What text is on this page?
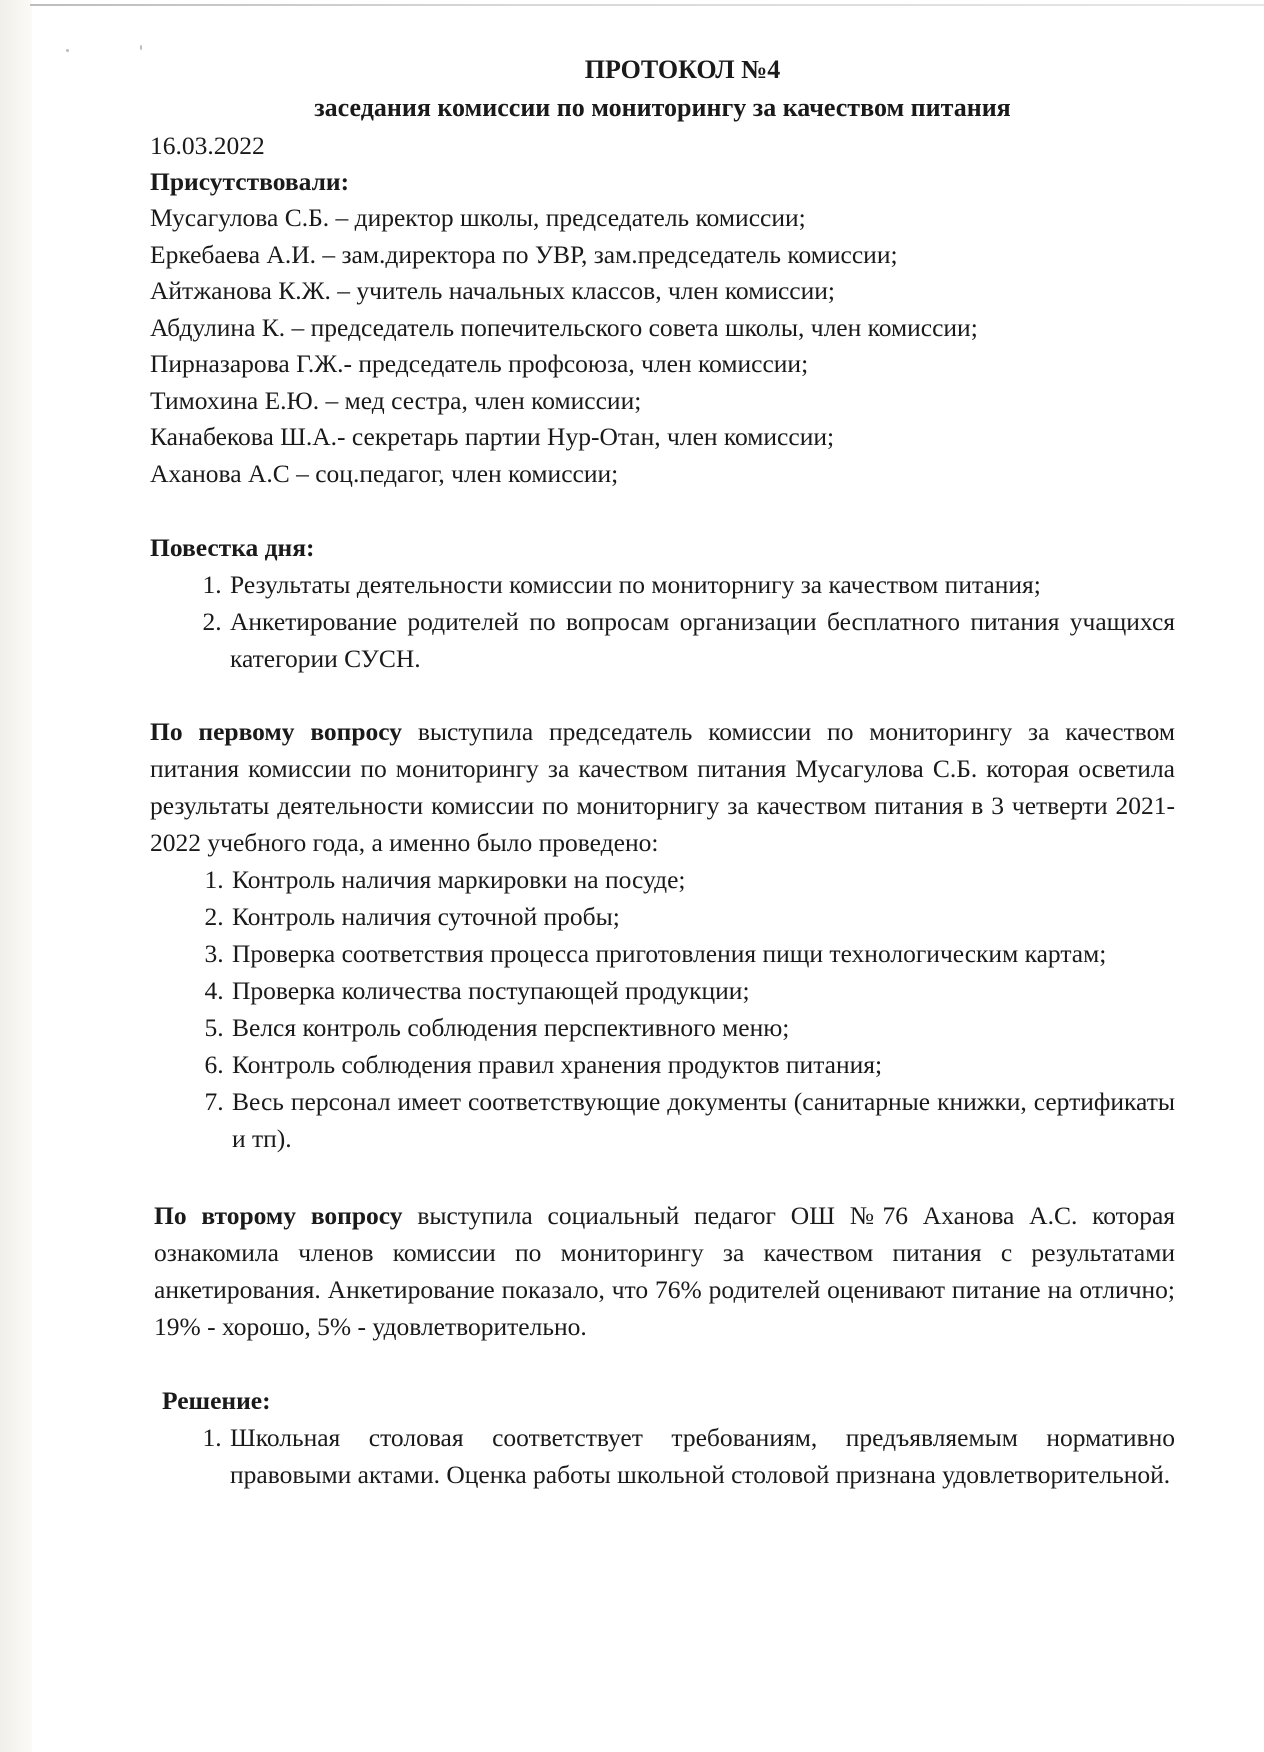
ПРОТОКОЛ №4
заседания комиссии по мониторингу за качеством питания

16.03.2022

Присутствовали:

Мусагулова С.Б. – директор школы, председатель комиссии;
Еркебаева А.И. – зам.директора по УВР, зам.председатель комиссии;
Айтжанова К.Ж. – учитель начальных классов, член комиссии;
Абдулина К. – председатель попечительского совета школы, член комиссии;
Пирназарова Г.Ж.- председатель профсоюза, член комиссии;
Тимохина Е.Ю. – мед сестра, член комиссии;
Канабекова Ш.А.- секретарь партии Нур-Отан, член комиссии;
Аханова А.С – соц.педагог, член комиссии;

Повестка дня:

1. Результаты деятельности комиссии по мониторнигу за качеством питания;
2. Анкетирование родителей по вопросам организации бесплатного питания учащихся категории СУСН.

По первому вопросу выступила председатель комиссии по мониторингу за качеством питания комиссии по мониторингу за качеством питания Мусагулова С.Б. которая осветила результаты деятельности комиссии по мониторнигу за качеством питания в 3 четверти 2021-2022 учебного года, а именно было проведено:

1. Контроль наличия маркировки на посуде;
2. Контроль наличия суточной пробы;
3. Проверка соответствия процесса приготовления пищи технологическим картам;
4. Проверка количества поступающей продукции;
5. Велся контроль соблюдения перспективного меню;
6. Контроль соблюдения правил хранения продуктов питания;
7. Весь персонал имеет соответствующие документы (санитарные книжки, сертификаты и тп).

По второму вопросу выступила социальный педагог ОШ №76 Аханова А.С. которая ознакомила членов комиссии по мониторингу за качеством питания с результатами анкетирования. Анкетирование показало, что 76% родителей оценивают питание на отлично; 19% - хорошо, 5% - удовлетворительно.

Решение:

1. Школьная столовая соответствует требованиям, предъявляемым нормативно правовыми актами. Оценка работы школьной столовой признана удовлетворительной.
